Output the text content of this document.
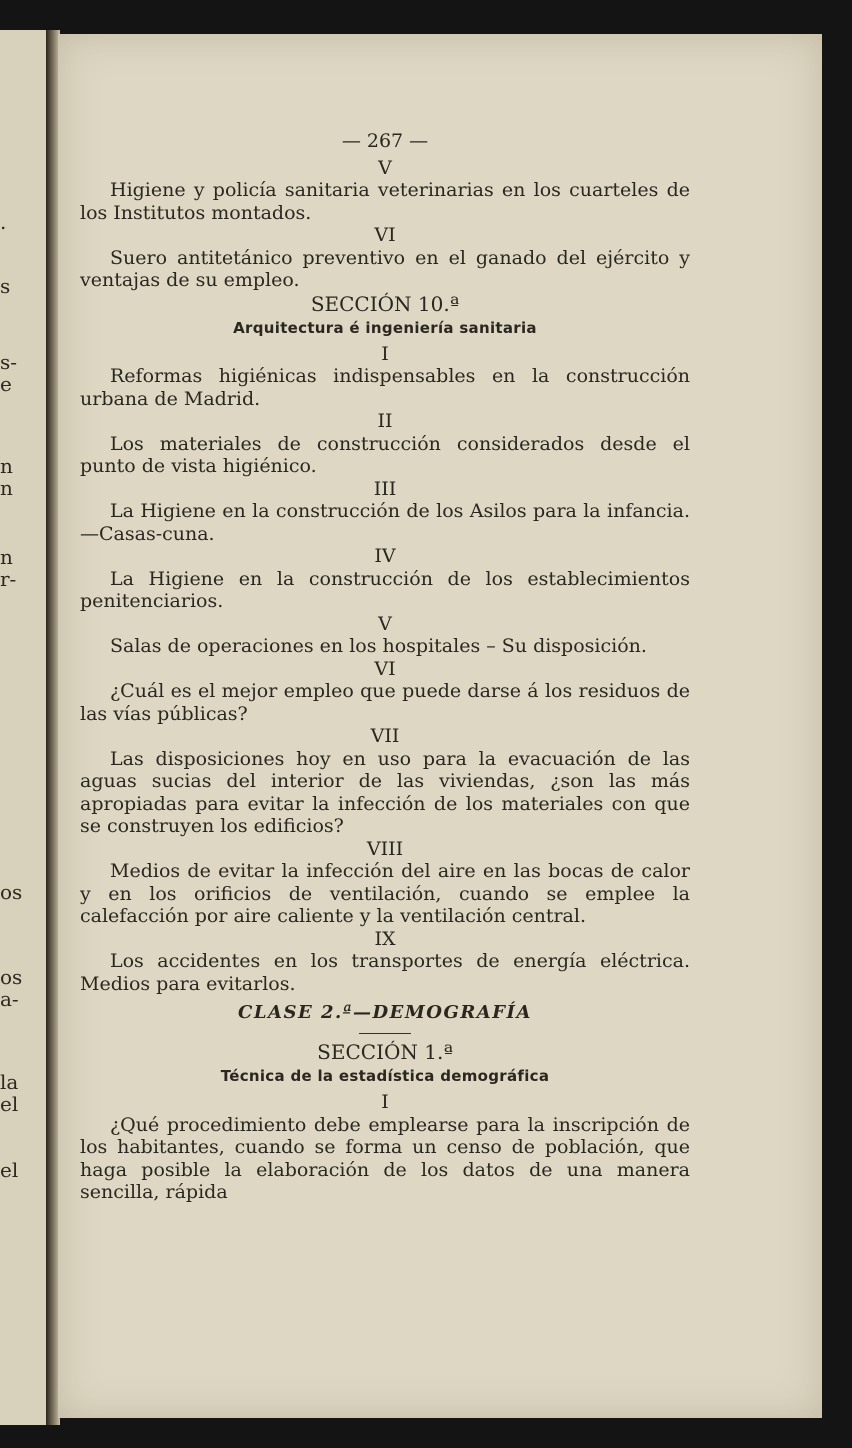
.
s
s-
e
n
n
n
r-
os
os
a-
la
el
el

— 267 —

V

Higiene y policía sanitaria veterinarias en los cuarteles de los Institutos montados.

VI

Suero antitetánico preventivo en el ganado del ejército y ventajas de su empleo.

SECCIÓN 10.ª

Arquitectura é ingeniería sanitaria

I

Reformas higiénicas indispensables en la construcción urbana de Madrid.

II

Los materiales de construcción considerados desde el punto de vista higiénico.

III

La Higiene en la construcción de los Asilos para la infancia. —Casas-cuna.

IV

La Higiene en la construcción de los establecimientos penitenciarios.

V

Salas de operaciones en los hospitales – Su disposición.

VI

¿Cuál es el mejor empleo que puede darse á los residuos de las vías públicas?

VII

Las disposiciones hoy en uso para la evacuación de las aguas sucias del interior de las viviendas, ¿son las más apropiadas para evitar la infección de los materiales con que se construyen los edificios?

VIII

Medios de evitar la infección del aire en las bocas de calor y en los orificios de ventilación, cuando se emplee la calefacción por aire caliente y la ventilación central.

IX

Los accidentes en los transportes de energía eléctrica. Medios para evitarlos.

CLASE 2.ª—DEMOGRAFÍA

SECCIÓN 1.ª

Técnica de la estadística demográfica

I

¿Qué procedimiento debe emplearse para la inscripción de los habitantes, cuando se forma un censo de población, que haga posible la elaboración de los datos de una manera sencilla, rápida
